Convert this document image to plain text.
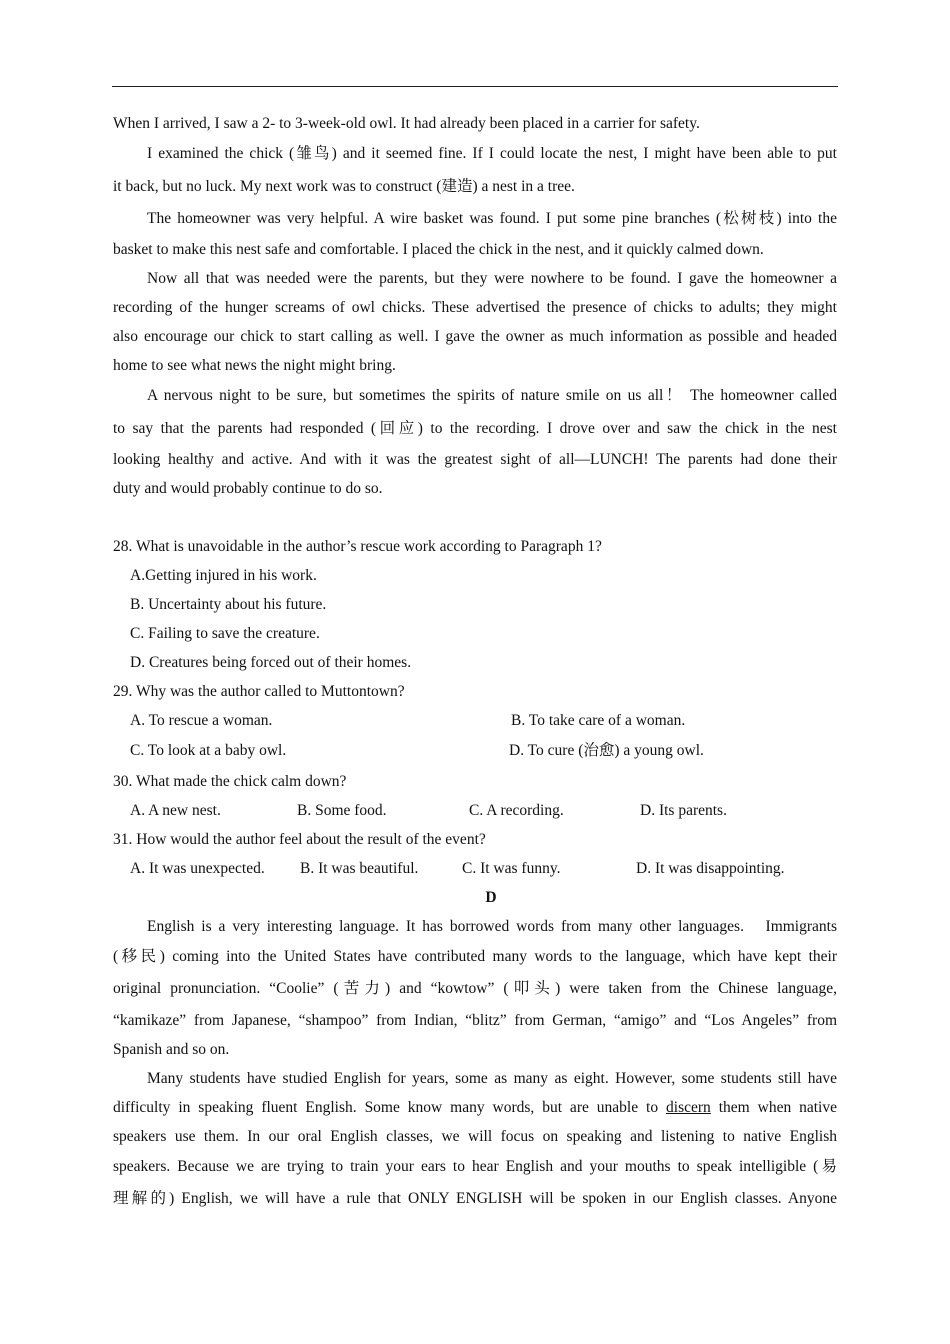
When I arrived, I saw a 2- to 3-week-old owl. It had already been placed in a carrier for safety.
I examined the chick (雏鸟) and it seemed fine. If I could locate the nest, I might have been able to put
it back, but no luck. My next work was to construct (建造) a nest in a tree.
The homeowner was very helpful. A wire basket was found. I put some pine branches (松树枝) into the
basket to make this nest safe and comfortable. I placed the chick in the nest, and it quickly calmed down.
Now all that was needed were the parents, but they were nowhere to be found. I gave the homeowner a
recording of the hunger screams of owl chicks. These advertised the presence of chicks to adults; they might
also encourage our chick to start calling as well. I gave the owner as much information as possible and headed
home to see what news the night might bring.
A nervous night to be sure, but sometimes the spirits of nature smile on us all！ The homeowner called
to say that the parents had responded (回应) to the recording. I drove over and saw the chick in the nest
looking healthy and active. And with it was the greatest sight of all—LUNCH! The parents had done their
duty and would probably continue to do so.
28. What is unavoidable in the author’s rescue work according to Paragraph 1?
A.Getting injured in his work.
B. Uncertainty about his future.
C. Failing to save the creature.
D. Creatures being forced out of their homes.
29. Why was the author called to Muttontown?
A. To rescue a woman.	B. To take care of a woman.
C. To look at a baby owl.	D. To cure (治愈) a young owl.
30. What made the chick calm down?
A. A new nest.	B. Some food.	C. A recording.	D. Its parents.
31. How would the author feel about the result of the event?
A. It was unexpected. B. It was beautiful.	C. It was funny.	D. It was disappointing.
D
English is a very interesting language. It has borrowed words from many other languages.　Immigrants
(移民) coming into the United States have contributed many words to the language, which have kept their
original pronunciation. “Coolie” (苦力) and “kowtow” (叩头) were taken from the Chinese language,
“kamikaze” from Japanese, “shampoo” from Indian, “blitz” from German, “amigo” and “Los Angeles” from
Spanish and so on.
Many students have studied English for years, some as many as eight. However, some students still have
difficulty in speaking fluent English. Some know many words, but are unable to discern them when native
speakers use them. In our oral English classes, we will focus on speaking and listening to native English
speakers. Because we are trying to train your ears to hear English and your mouths to speak intelligible (易
理解的) English, we will have a rule that ONLY ENGLISH will be spoken in our English classes. Anyone
